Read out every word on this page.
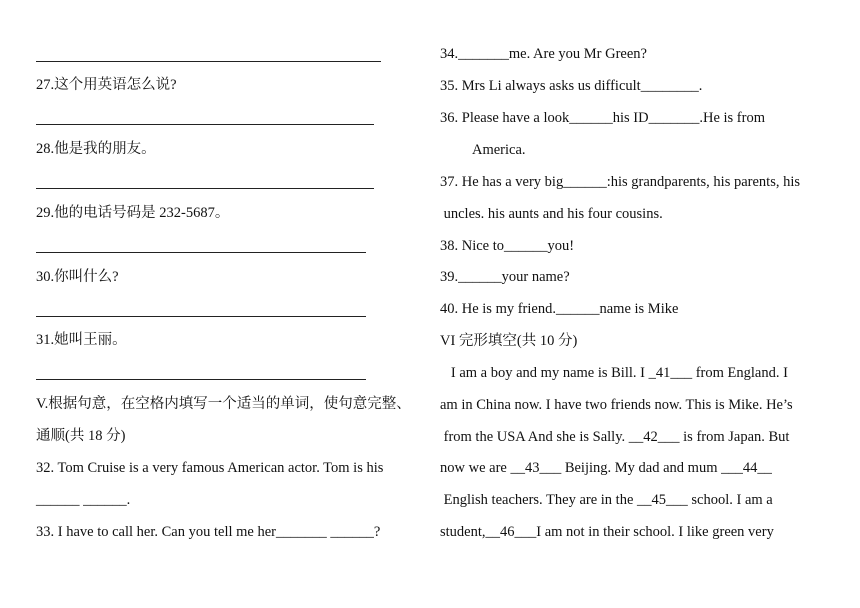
27.这个用英语怎么说?
28.他是我的朋友。
29.他的电话号码是 232-5687。
30.你叫什么?
31.她叫王丽。
V.根据句意，在空格内填写一个适当的单词，使句意完整、
通顺(共 18 分)
32. Tom Cruise is a very famous American actor. Tom is his
______ ______.
33. I have to call her. Can you tell me her_______ ______?
34._______me. Are you Mr Green?
35. Mrs Li always asks us difficult________.
36. Please have a look______his ID_______.He is from
America.
37. He has a very big______:his grandparents, his parents, his
uncles. his aunts and his four cousins.
38. Nice to______you!
39.______your name?
40. He is my friend.______name is Mike
VI 完形填空(共 10 分)
I am a boy and my name is Bill. I _41___ from England. I
am in China now. I have two friends now. This is Mike. He’s
from the USA And she is Sally. __42___ is from Japan. But
now we are __43___ Beijing. My dad and mum ___44__
English teachers. They are in the __45___ school. I am a
student,__46___I am not in their school. I like green very
